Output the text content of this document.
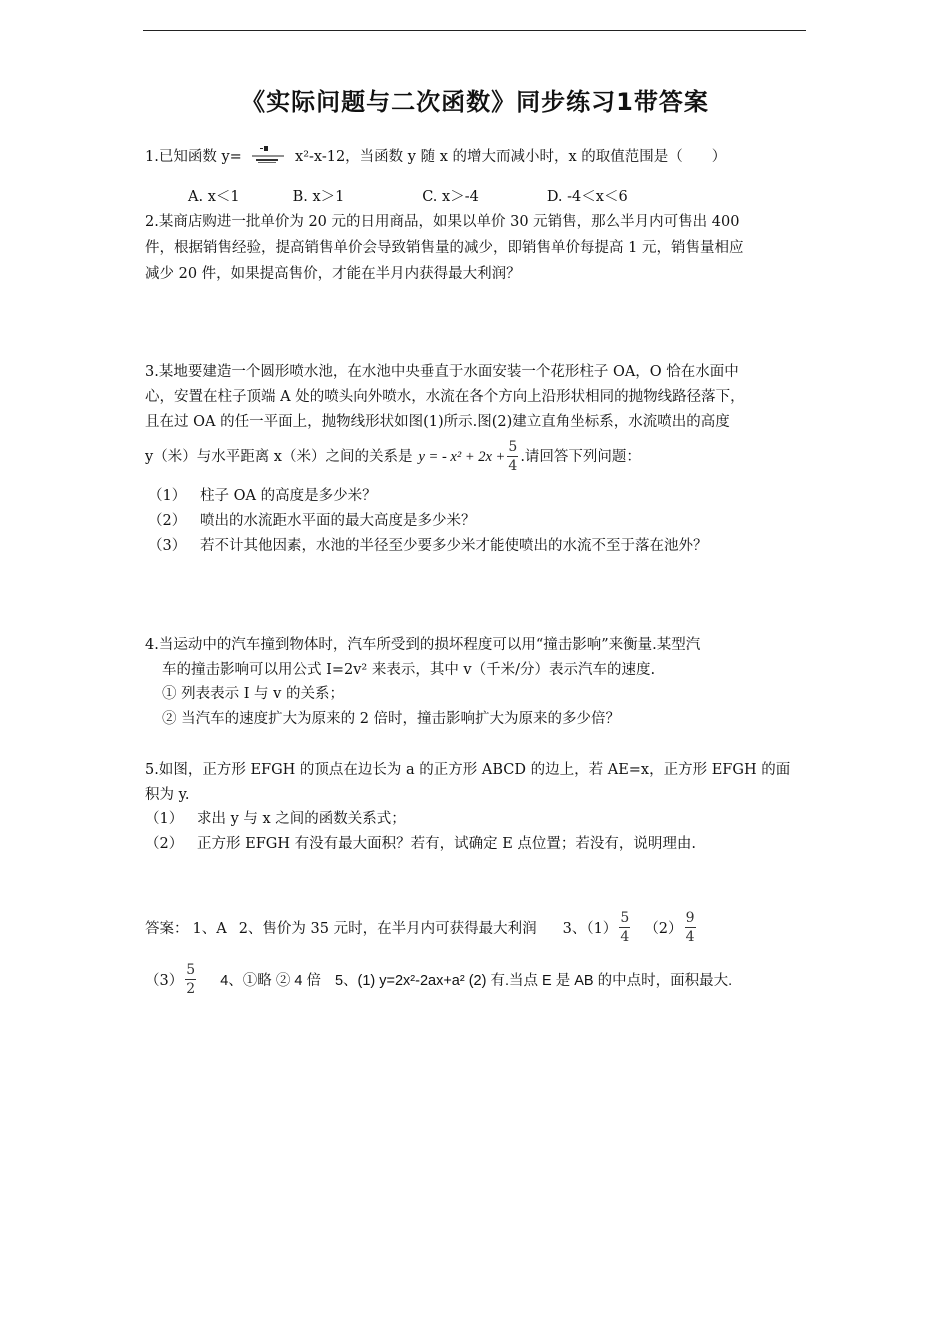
《实际问题与二次函数》同步练习1带答案
1.已知函数 y=	x²-x-12，当函数 y 随 x 的增大而减小时，x 的取值范围是（　　）
A. x＜1	B. x＞1	C. x＞-4	D. -4＜x＜6
2.某商店购进一批单价为 20 元的日用商品，如果以单价 30 元销售，那么半月内可售出 400
件，根据销售经验，提高销售单价会导致销售量的减少，即销售单价每提高 1 元，销售量相应
减少 20 件，如果提高售价，才能在半月内获得最大利润？
3.某地要建造一个圆形喷水池，在水池中央垂直于水面安装一个花形柱子 OA，O 恰在水面中
心，安置在柱子顶端 A 处的喷头向外喷水，水流在各个方向上沿形状相同的抛物线路径落下，
且在过 OA 的任一平面上，抛物线形状如图(1)所示.图(2)建立直角坐标系，水流喷出的高度
y（米）与水平距离 x（米）之间的关系是 y = - $x^2 + 2x + \frac{5}{4}$ .请回答下列问题：
（1） 柱子 OA 的高度是多少米？
（2） 喷出的水流距水平面的最大高度是多少米？
（3） 若不计其他因素，水池的半径至少要多少米才能使喷出的水流不至于落在池外？
4.当运动中的汽车撞到物体时，汽车所受到的损坏程度可以用“撞击影响”来衡量.某型汽
车的撞击影响可以用公式 I=2v² 来表示，其中 v（千米/分）表示汽车的速度.
① 列表表示 I 与 v 的关系；
② 当汽车的速度扩大为原来的 2 倍时，撞击影响扩大为原来的多少倍？
5.如图，正方形 EFGH 的顶点在边长为 a 的正方形 ABCD 的边上，若 AE=x，正方形 EFGH 的面
积为 y.
（1） 求出 y 与 x 之间的函数关系式；
（2） 正方形 EFGH 有没有最大面积？若有，试确定 E 点位置；若没有，说明理由.
答案： 1、A 2、售价为 35 元时，在半月内可获得最大利润 3、$(1) \frac{5}{4} (2) \frac{9}{4}$
$(3) \frac{5}{2} 4$、①略 ② 4 倍 5、(1) y=2x²-2ax+a² (2) 有.当点 E 是 AB 的中点时，面积最大.
